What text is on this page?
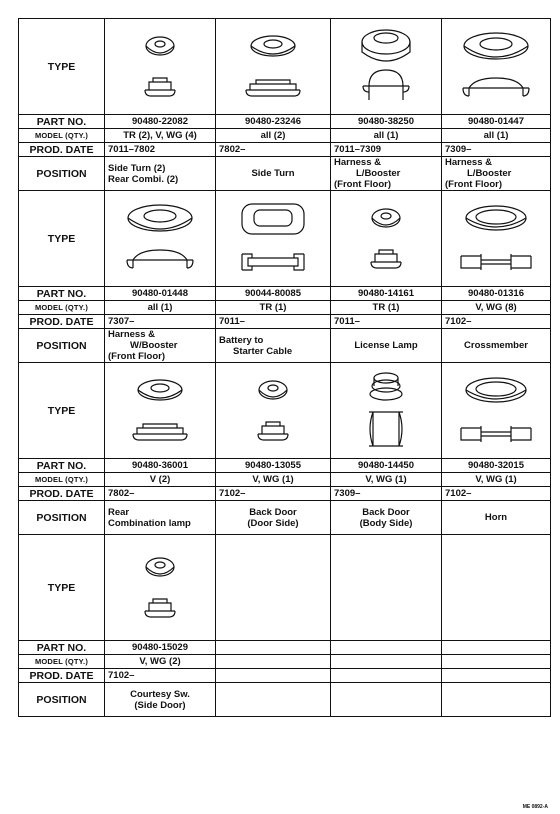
TYPE	

PART NO.	90480-22082	90480-23246	90480-38250	90480-01447
MODEL (QTY.)	TR (2), V, WG (4)	all (2)	all (1)	all (1)
PROD. DATE	7011–7802	7802–	7011–7309	7309–
POSITION	Side Turn (2)
Rear Combi. (2)	Side Turn	Harness &
L/Booster
(Front Floor)	Harness &
L/Booster
(Front Floor)

TYPE	

PART NO.	90480-01448	90044-80085	90480-14161	90480-01316
MODEL (QTY.)	all (1)	TR (1)	TR (1)	V, WG (8)
PROD. DATE	7307–	7011–	7011–	7102–
POSITION	Harness &
W/Booster
(Front Floor)	Battery to
Starter Cable	License Lamp	Crossmember

TYPE	

PART NO.	90480-36001	90480-13055	90480-14450	90480-32015
MODEL (QTY.)	V (2)	V, WG (1)	V, WG (1)	V, WG (1)
PROD. DATE	7802–	7102–	7309–	7102–
POSITION	Rear
Combination lamp	Back Door
(Door Side)	Back Door
(Body Side)	Horn

TYPE	

PART NO.	90480-15029			
MODEL (QTY.)	V, WG (2)			
PROD. DATE	7102–			
POSITION	Courtesy Sw.
(Side Door)			

ME 0892-A
